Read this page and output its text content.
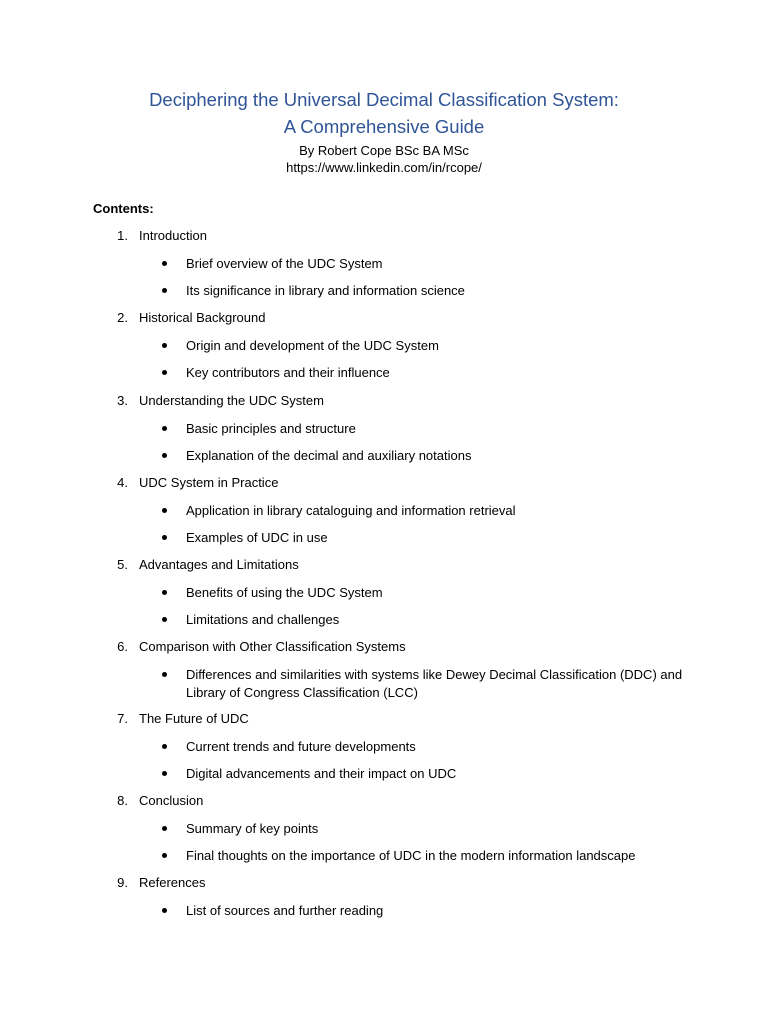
Deciphering the Universal Decimal Classification System:
A Comprehensive Guide
By Robert Cope BSc BA MSc
https://www.linkedin.com/in/rcope/
Contents:
1. Introduction
Brief overview of the UDC System
Its significance in library and information science
2. Historical Background
Origin and development of the UDC System
Key contributors and their influence
3. Understanding the UDC System
Basic principles and structure
Explanation of the decimal and auxiliary notations
4. UDC System in Practice
Application in library cataloguing and information retrieval
Examples of UDC in use
5. Advantages and Limitations
Benefits of using the UDC System
Limitations and challenges
6. Comparison with Other Classification Systems
Differences and similarities with systems like Dewey Decimal Classification (DDC) and Library of Congress Classification (LCC)
7. The Future of UDC
Current trends and future developments
Digital advancements and their impact on UDC
8. Conclusion
Summary of key points
Final thoughts on the importance of UDC in the modern information landscape
9. References
List of sources and further reading
